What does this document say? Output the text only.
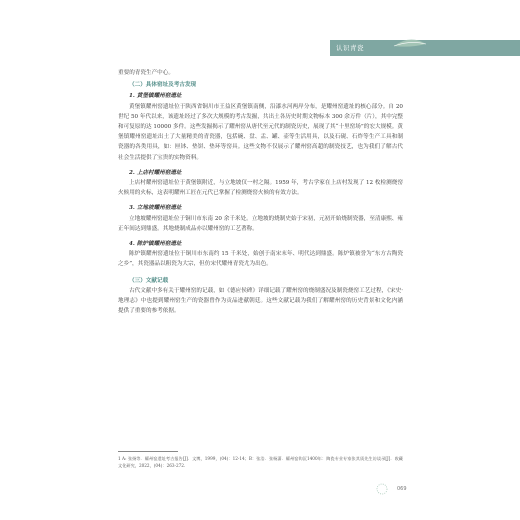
认识青瓷

重要的青瓷生产中心。

（二）具体窑址及考古发现

1. 黄堡镇耀州窑遗址

黄堡镇耀州窑遗址位于陕西省铜川市王益区黄堡镇南侧，沿漆水河两岸分布，是耀州窑遗址的核心部分。自 20 世纪 50 年代以来，该遗址经过了多次大规模的考古发掘，共出土各历史时期文物标本 300 余万件（片），其中完整和可复原的达 10000 多件。这些发掘揭示了耀州窑从唐代至元代的制瓷历史，展现了其“十里窑场”的宏大规模。黄堡镇耀州窑遗址出土了大量精美的青瓷器，包括碗、盘、盂、罐、壶等生活用具，以及石砚、石炸等生产工具和制瓷器的各类用具，如：匣钵、垫饼、垫环等窑具。这些文物不仅展示了耀州窑高超的制瓷技艺，也为我们了解古代社会生活提供了宝贵的实物资料。

2. 上店村耀州窑遗址

上店村耀州窑遗址位于黄堡镇附近，与立地坡仅一村之隔。1959 年，考古学家在上店村发现了 12 枚检测烧窑火候用的火标，这表明耀州工匠在元代已掌握了检测烧窑火候的有效方法。

3. 立地坡耀州窑遗址

立地坡耀州窑遗址位于铜川市东南 20 余千米处。立地坡的烧制史始于宋初，元初开始烧制瓷器，至清康熙、雍正年间达到鼎盛。其地烧制成品亦以耀州窑的工艺著称。

4. 陈炉镇耀州窑遗址

陈炉镇耀州窑遗址位于铜川市东南约 15 千米处，始创于南宋末年、明代达到鼎盛。陈炉镇被誉为“东方古陶瓷之乡”，其瓷器品以粗瓷为大宗，但仿宋代耀州青瓷尤为出色。

（三）文献记载

古代文献中多有关于耀州窑的记载，如《德应侯碑》详细记载了耀州窑的烧制盛况及制瓷烧窑工艺过程，《宋史·地理志》中也提到耀州窑生产的瓷器曾作为贡品进献朝廷。这些文献记载为我们了解耀州窑的历史背景和文化内涵提供了重要的参考依据。

1 A: 张扬等．耀州窑遗址考古报告[J]．文博，1999，(04)：12-14；B：张浩．张杨潇．耀州窑钩沉1400年：陶瓷专业专家张其质先生访谈录[J]．收藏文化研究，2022，(04)：263-272.

069
